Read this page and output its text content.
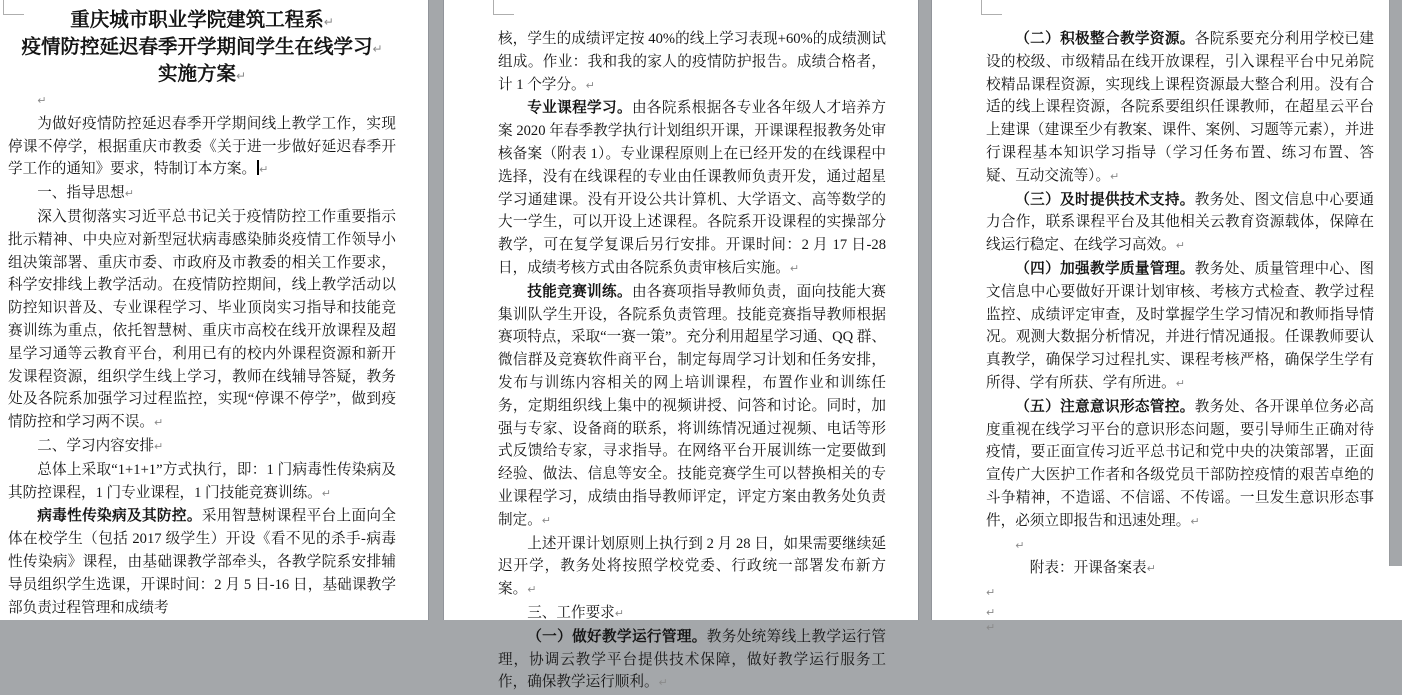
重庆城市职业学院建筑工程系↵
疫情防控延迟春季开学期间学生在线学习↵
实施方案↵
↵
为做好疫情防控延迟春季开学期间线上教学工作，实现停课不停学，根据重庆市教委《关于进一步做好延迟春季开学工作的通知》要求，特制订本方案。 ↵
一、指导思想↵
深入贯彻落实习近平总书记关于疫情防控工作重要指示批示精神、中央应对新型冠状病毒感染肺炎疫情工作领导小组决策部署、重庆市委、市政府及市教委的相关工作要求，科学安排线上教学活动。在疫情防控期间，线上教学活动以防控知识普及、专业课程学习、毕业顶岗实习指导和技能竞赛训练为重点，依托智慧树、重庆市高校在线开放课程及超星学习通等云教育平台，利用已有的校内外课程资源和新开发课程资源，组织学生线上学习，教师在线辅导答疑，教务处及各院系加强学习过程监控，实现“停课不停学”，做到疫情防控和学习两不误。↵
二、学习内容安排↵
总体上采取“1+1+1”方式执行，即：1 门病毒性传染病及其防控课程，1 门专业课程，1 门技能竞赛训练。↵
病毒性传染病及其防控。采用智慧树课程平台上面向全体在校学生（包括 2017 级学生）开设《看不见的杀手-病毒性传染病》课程，由基础课教学部牵头，各教学院系安排辅导员组织学生选课，开课时间：2 月 5 日-16 日，基础课教学部负责过程管理和成绩考
核，学生的成绩评定按 40%的线上学习表现+60%的成绩测试组成。作业：我和我的家人的疫情防护报告。成绩合格者，计 1 个学分。↵
专业课程学习。由各院系根据各专业各年级人才培养方案 2020 年春季教学执行计划组织开课，开课课程报教务处审核备案（附表 1）。专业课程原则上在已经开发的在线课程中选择，没有在线课程的专业由任课教师负责开发，通过超星学习通建课。没有开设公共计算机、大学语文、高等数学的大一学生，可以开设上述课程。各院系开设课程的实操部分教学，可在复学复课后另行安排。开课时间：2 月 17 日-28 日，成绩考核方式由各院系负责审核后实施。↵
技能竞赛训练。由各赛项指导教师负责，面向技能大赛集训队学生开设，各院系负责管理。技能竞赛指导教师根据赛项特点，采取“一赛一策”。充分利用超星学习通、QQ 群、微信群及竞赛软件商平台，制定每周学习计划和任务安排，发布与训练内容相关的网上培训课程，布置作业和训练任务，定期组织线上集中的视频讲授、问答和讨论。同时，加强与专家、设备商的联系，将训练情况通过视频、电话等形式反馈给专家，寻求指导。在网络平台开展训练一定要做到经验、做法、信息等安全。技能竞赛学生可以替换相关的专业课程学习，成绩由指导教师评定，评定方案由教务处负责制定。↵
上述开课计划原则上执行到 2 月 28 日，如果需要继续延迟开学，教务处将按照学校党委、行政统一部署发布新方案。↵
三、工作要求↵
（一）做好教学运行管理。教务处统筹线上教学运行管理，协调云教学平台提供技术保障，做好教学运行服务工作，确保教学运行顺利。↵
（二）积极整合教学资源。各院系要充分利用学校已建设的校级、市级精品在线开放课程，引入课程平台中兄弟院校精品课程资源，实现线上课程资源最大整合利用。没有合适的线上课程资源，各院系要组织任课教师，在超星云平台上建课（建课至少有教案、课件、案例、习题等元素），并进行课程基本知识学习指导（学习任务布置、练习布置、答疑、互动交流等）。↵
（三）及时提供技术支持。教务处、图文信息中心要通力合作，联系课程平台及其他相关云教育资源载体，保障在线运行稳定、在线学习高效。↵
（四）加强教学质量管理。教务处、质量管理中心、图文信息中心要做好开课计划审核、考核方式检查、教学过程监控、成绩评定审查，及时掌握学生学习情况和教师指导情况。观测大数据分析情况，并进行情况通报。任课教师要认真教学，确保学习过程扎实、课程考核严格，确保学生学有所得、学有所获、学有所进。↵
（五）注意意识形态管控。教务处、各开课单位务必高度重视在线学习平台的意识形态问题，要引导师生正确对待疫情，要正面宣传习近平总书记和党中央的决策部署，正面宣传广大医护工作者和各级党员干部防控疫情的艰苦卓绝的斗争精神，不造谣、不信谣、不传谣。一旦发生意识形态事件，必须立即报告和迅速处理。↵
↵
附表：开课备案表↵
↵
↵
↵
